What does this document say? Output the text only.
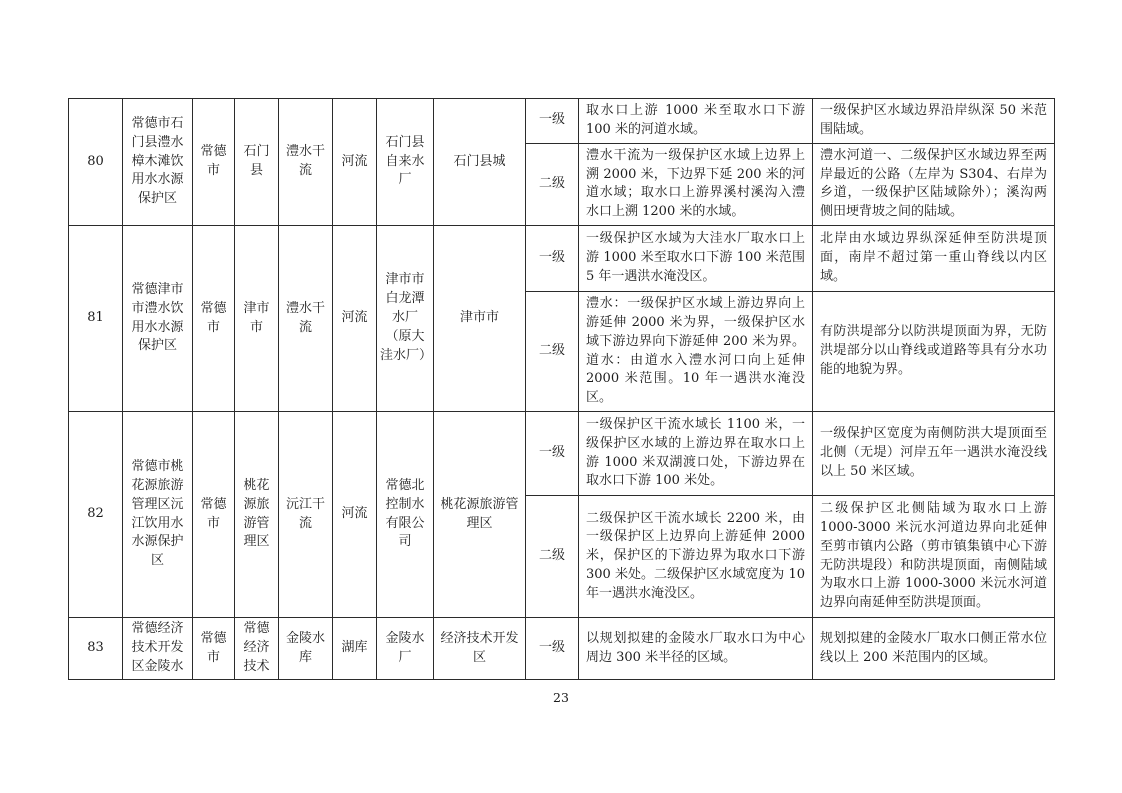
80	常德市石门县澧水樟木滩饮用水水源保护区	常德市	石门县	澧水干流	河流	石门县自来水厂	石门县城	一级	取水口上游 1000 米至取水口下游 100 米的河道水域。	一级保护区水域边界沿岸纵深 50 米范围陆域。
								二级	澧水干流为一级保护区水域上边界上溯 2000 米，下边界下延 200 米的河道水域；取水口上游界溪村溪沟入澧水口上溯 1200 米的水域。	澧水河道一、二级保护区水域边界至两岸最近的公路（左岸为 S304、右岸为乡道，一级保护区陆域除外）；溪沟两侧田埂背坡之间的陆域。
81	常德津市市澧水饮用水水源保护区	常德市	津市市	澧水干流	河流	津市市白龙潭水厂（原大洼水厂）	津市市	一级	一级保护区水域为大洼水厂取水口上游 1000 米至取水口下游 100 米范围 5 年一遇洪水淹没区。	北岸由水域边界纵深延伸至防洪堤顶面，南岸不超过第一重山脊线以内区域。
								二级	澧水：一级保护区水域上游边界向上游延伸 2000 米为界，一级保护区水域下游边界向下游延伸 200 米为界。道水：由道水入澧水河口向上延伸 2000 米范围。10 年一遇洪水淹没区。	有防洪堤部分以防洪堤顶面为界，无防洪堤部分以山脊线或道路等具有分水功能的地貌为界。
82	常德市桃花源旅游管理区沅江饮用水水源保护区	常德市	桃花源旅游管理区	沅江干流	河流	常德北控制水有限公司	桃花源旅游管理区	一级	一级保护区干流水域长 1100 米，一级保护区水域的上游边界在取水口上游 1000 米双湖渡口处，下游边界在取水口下游 100 米处。	一级保护区宽度为南侧防洪大堤顶面至北侧（无堤）河岸五年一遇洪水淹没线以上 50 米区域。
								二级	二级保护区干流水域长 2200 米，由一级保护区上边界向上游延伸 2000 米，保护区的下游边界为取水口下游 300 米处。二级保护区水域宽度为 10 年一遇洪水淹没区。	二级保护区北侧陆域为取水口上游 1000-3000 米沅水河道边界向北延伸至剪市镇内公路（剪市镇集镇中心下游无防洪堤段）和防洪堤顶面，南侧陆域为取水口上游 1000-3000 米沅水河道边界向南延伸至防洪堤顶面。
83	常德经济技术开发区金陵水	常德市	常德经济技术	金陵水库	湖库	金陵水厂	经济技术开发区	一级	以规划拟建的金陵水厂取水口为中心周边 300 米半径的区域。	规划拟建的金陵水厂取水口侧正常水位线以上 200 米范围内的区域。
23
